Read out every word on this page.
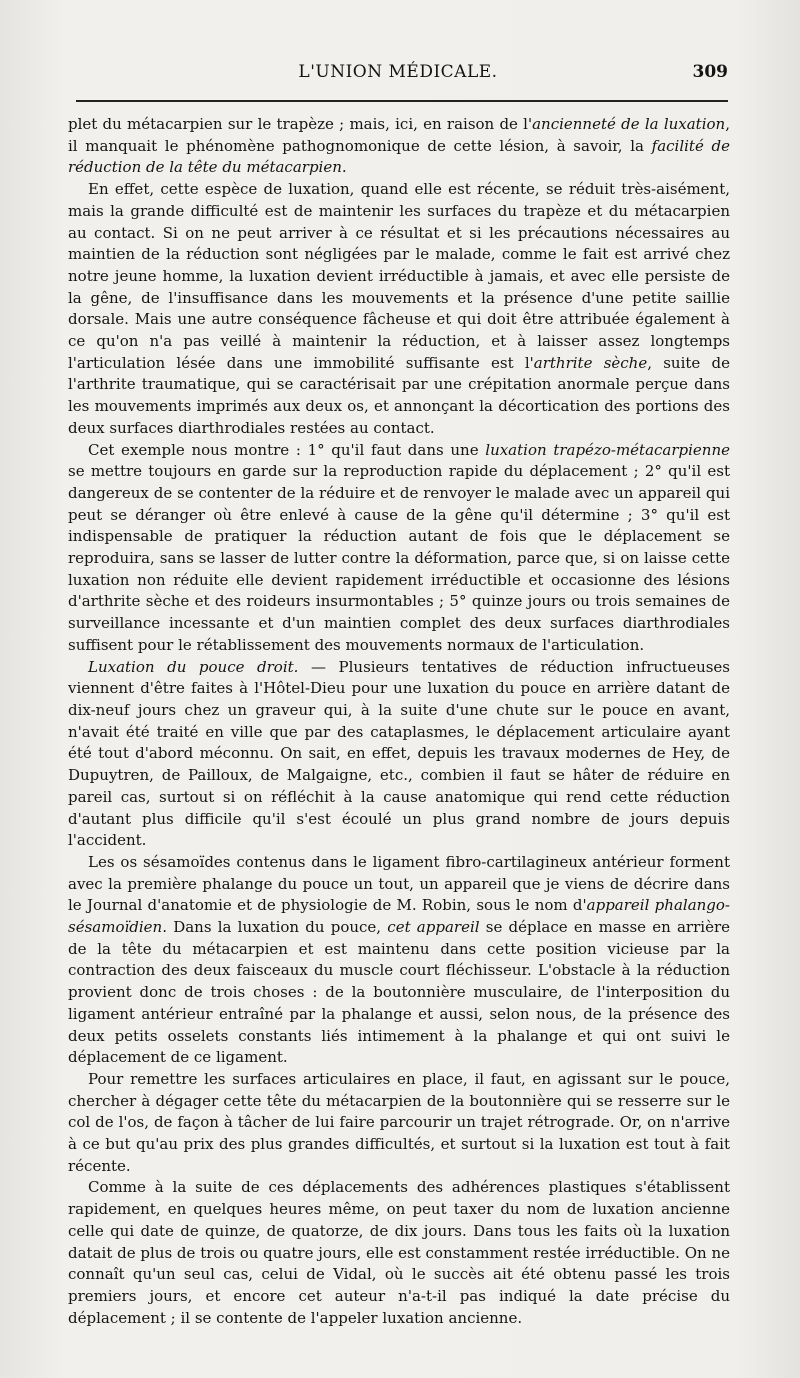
L'UNION MÉDICALE.	309

plet du métacarpien sur le trapèze ; mais, ici, en raison de l'ancienneté de la luxation, il manquait le phénomène pathognomonique de cette lésion, à savoir, la facilité de réduction de la tête du métacarpien.

En effet, cette espèce de luxation, quand elle est récente, se réduit très-aisément, mais la grande difficulté est de maintenir les surfaces du trapèze et du métacarpien au contact. Si on ne peut arriver à ce résultat et si les précautions nécessaires au maintien de la réduction sont négligées par le malade, comme le fait est arrivé chez notre jeune homme, la luxation devient irréductible à jamais, et avec elle persiste de la gêne, de l'insuffisance dans les mouvements et la présence d'une petite saillie dorsale. Mais une autre conséquence fâcheuse et qui doit être attribuée également à ce qu'on n'a pas veillé à maintenir la réduction, et à laisser assez longtemps l'articulation lésée dans une immobilité suffisante est l'arthrite sèche, suite de l'arthrite traumatique, qui se caractérisait par une crépitation anormale perçue dans les mouvements imprimés aux deux os, et annonçant la décortication des portions des deux surfaces diarthrodiales restées au contact.

Cet exemple nous montre : 1° qu'il faut dans une luxation trapézo-métacarpienne se mettre toujours en garde sur la reproduction rapide du déplacement ; 2° qu'il est dangereux de se contenter de la réduire et de renvoyer le malade avec un appareil qui peut se déranger où être enlevé à cause de la gêne qu'il détermine ; 3° qu'il est indispensable de pratiquer la réduction autant de fois que le déplacement se reproduira, sans se lasser de lutter contre la déformation, parce que, si on laisse cette luxation non réduite elle devient rapidement irréductible et occasionne des lésions d'arthrite sèche et des roideurs insurmontables ; 5° quinze jours ou trois semaines de surveillance incessante et d'un maintien complet des deux surfaces diarthrodiales suffisent pour le rétablissement des mouvements normaux de l'articulation.

Luxation du pouce droit. — Plusieurs tentatives de réduction infructueuses viennent d'être faites à l'Hôtel-Dieu pour une luxation du pouce en arrière datant de dix-neuf jours chez un graveur qui, à la suite d'une chute sur le pouce en avant, n'avait été traité en ville que par des cataplasmes, le déplacement articulaire ayant été tout d'abord méconnu. On sait, en effet, depuis les travaux modernes de Hey, de Dupuytren, de Pailloux, de Malgaigne, etc., combien il faut se hâter de réduire en pareil cas, surtout si on réfléchit à la cause anatomique qui rend cette réduction d'autant plus difficile qu'il s'est écoulé un plus grand nombre de jours depuis l'accident.

Les os sésamoïdes contenus dans le ligament fibro-cartilagineux antérieur forment avec la première phalange du pouce un tout, un appareil que je viens de décrire dans le Journal d'anatomie et de physiologie de M. Robin, sous le nom d'appareil phalango-sésamoïdien. Dans la luxation du pouce, cet appareil se déplace en masse en arrière de la tête du métacarpien et est maintenu dans cette position vicieuse par la contraction des deux faisceaux du muscle court fléchisseur. L'obstacle à la réduction provient donc de trois choses : de la boutonnière musculaire, de l'interposition du ligament antérieur entraîné par la phalange et aussi, selon nous, de la présence des deux petits osselets constants liés intimement à la phalange et qui ont suivi le déplacement de ce ligament.

Pour remettre les surfaces articulaires en place, il faut, en agissant sur le pouce, chercher à dégager cette tête du métacarpien de la boutonnière qui se resserre sur le col de l'os, de façon à tâcher de lui faire parcourir un trajet rétrograde. Or, on n'arrive à ce but qu'au prix des plus grandes difficultés, et surtout si la luxation est tout à fait récente.

Comme à la suite de ces déplacements des adhérences plastiques s'établissent rapidement, en quelques heures même, on peut taxer du nom de luxation ancienne celle qui date de quinze, de quatorze, de dix jours. Dans tous les faits où la luxation datait de plus de trois ou quatre jours, elle est constamment restée irréductible. On ne connaît qu'un seul cas, celui de Vidal, où le succès ait été obtenu passé les trois premiers jours, et encore cet auteur n'a-t-il pas indiqué la date précise du déplacement ; il se contente de l'appeler luxation ancienne.
